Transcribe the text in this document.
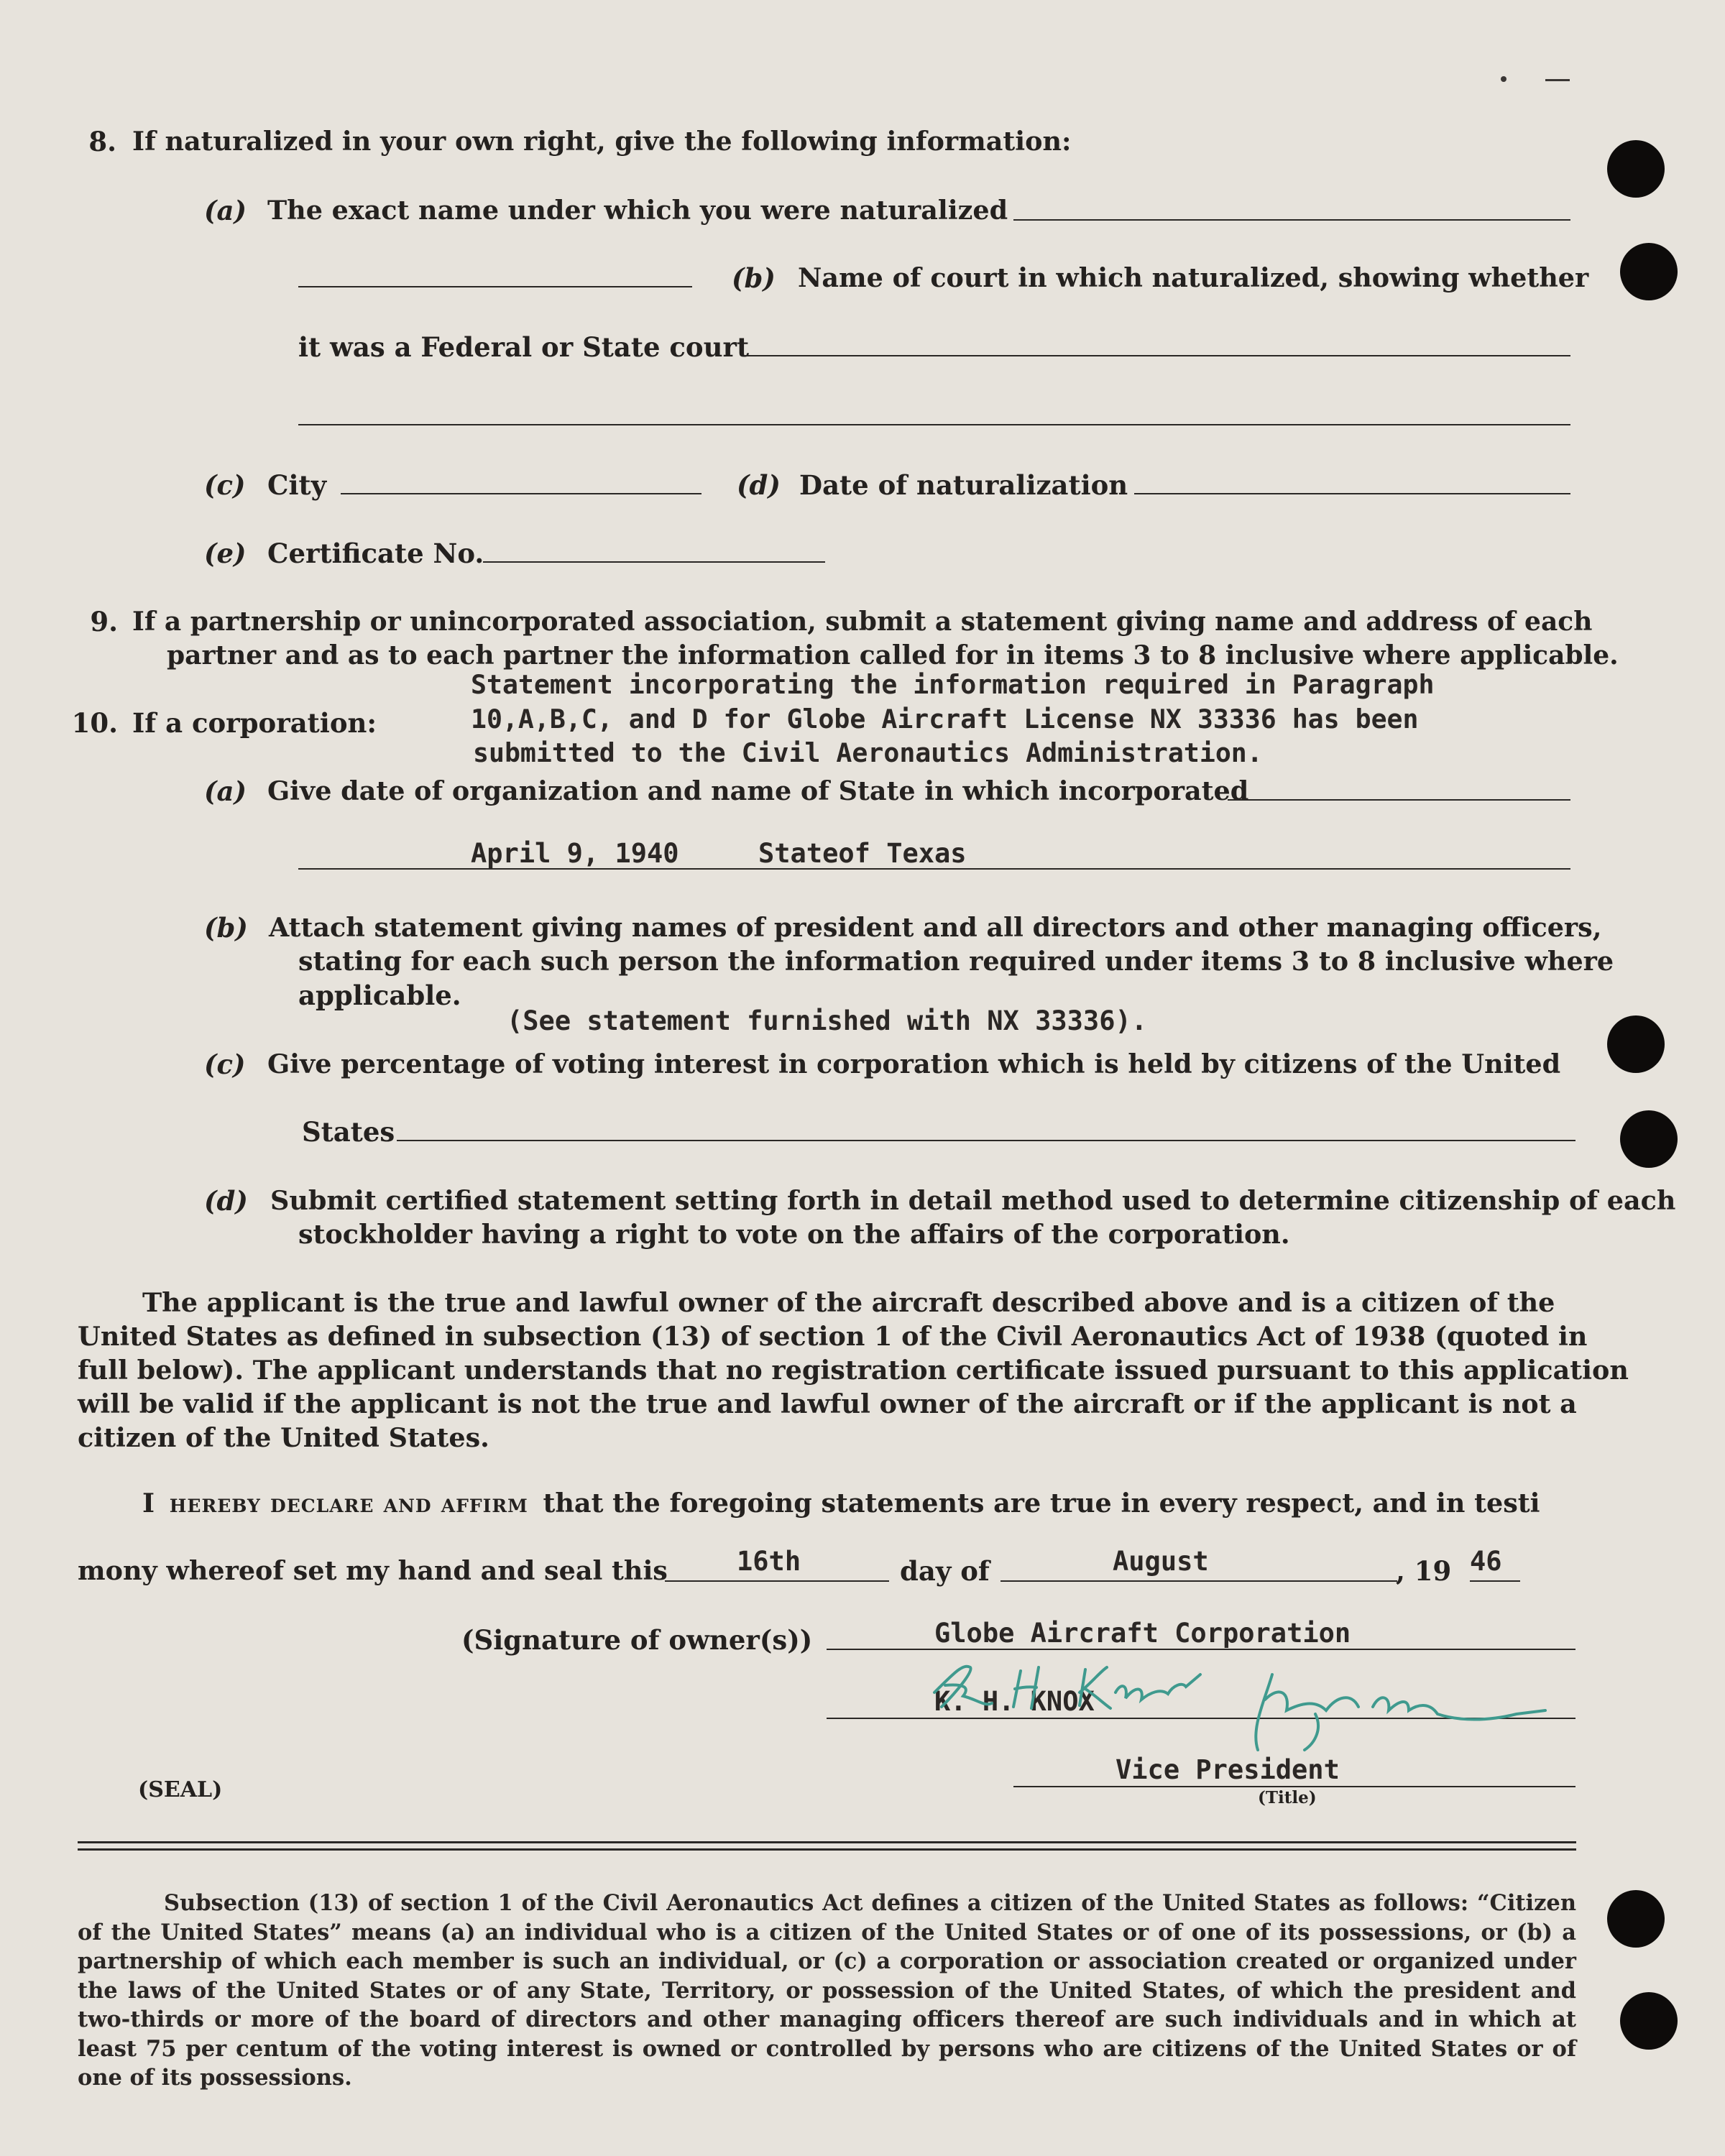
8. If naturalized in your own right, give the following information:
(a) The exact name under which you were naturalized
(b) Name of court in which naturalized, showing whether
it was a Federal or State court
(c) City	(d) Date of naturalization
(e) Certificate No.
9. If a partnership or unincorporated association, submit a statement giving name and address of each
partner and as to each partner the information called for in items 3 to 8 inclusive where applicable.
10. If a corporation:
Statement incorporating the information required in Paragraph
10,A,B,C, and D for Globe Aircraft License NX 33336 has been
submitted to the Civil Aeronautics Administration.
(a) Give date of organization and name of State in which incorporated
April 9, 1940	Stateof Texas
(b) Attach statement giving names of president and all directors and other managing officers,
stating for each such person the information required under items 3 to 8 inclusive where
applicable.
(See statement furnished with NX 33336).
(c) Give percentage of voting interest in corporation which is held by citizens of the United
States
(d) Submit certified statement setting forth in detail method used to determine citizenship of each
stockholder having a right to vote on the affairs of the corporation.
The applicant is the true and lawful owner of the aircraft described above and is a citizen of the
United States as defined in subsection (13) of section 1 of the Civil Aeronautics Act of 1938 (quoted in
full below). The applicant understands that no registration certificate issued pursuant to this application
will be valid if the applicant is not the true and lawful owner of the aircraft or if the applicant is not a
citizen of the United States.
I hereby declare and affirm that the foregoing statements are true in every respect, and in testi
mony whereof set my hand and seal this	16th	day of	August	, 19 46
(Signature of owner(s))	Globe Aircraft Corporation
K. H. KNOX
(SEAL)
Vice President
(Title)
Subsection (13) of section 1 of the Civil Aeronautics Act defines a citizen of the United States as follows: “Citizen of the United States” means (a) an individual who is a citizen of the United States or of one of its possessions, or (b) a partnership of which each member is such an individual, or (c) a corporation or association created or organized under the laws of the United States or of any State, Territory, or possession of the United States, of which the president and two-thirds or more of the board of directors and other managing officers thereof are such individuals and in which at least 75 per centum of the voting interest is owned or controlled by persons who are citizens of the United States or of one of its possessions.
